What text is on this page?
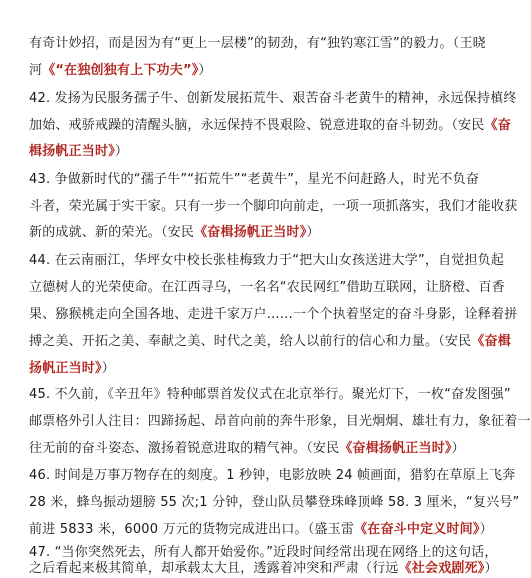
有奇计妙招，而是因为有“更上一层楼”的韧劲，有“独钓寒江雪”的毅力。（王晓
河《“在独创独有上下功夫”》）
42. 发扬为民服务孺子牛、创新发展拓荒牛、艰苦奋斗老黄牛的精神，永远保持槙终
加始、戒骄戒躁的清醒头脑，永远保持不畏艰险、锐意进取的奋斗韧劲。（安民《奋
楫扬帆正当时》）
43. 争做新时代的“孺子牛”“拓荒牛”“老黄牛”，星光不问赶路人，时光不负奋
斗者，荣光属于实干家。只有一步一个脚印向前走，一项一项抓落实，我们才能收获
新的成就、新的荣光。（安民《奋楫扬帆正当时》）
44. 在云南丽江，华坪女中校长张桂梅致力于“把大山女孩送进大学”，自觉担负起
立德树人的光荣使命。在江西寻乌，一名名“农民网红”借助互联网，让脐橙、百香
果、猕猴桃走向全国各地、走进千家万户……一个个执着坚定的奋斗身影，诠释着拼
搏之美、开拓之美、奉献之美、时代之美，给人以前行的信心和力量。（安民《奋楫
扬帆正当时》）
45. 不久前，《辛丑年》特种邮票首发仪式在北京举行。聚光灯下，一枚“奋发图强”
邮票格外引人注目：四蹄扬起、昂首向前的奔牛形象，目光炯炯、雄壮有力，象征着一
往无前的奋斗姿态、激扬着锐意进取的精气神。（安民《奋楫扬帆正当时》）
46. 时间是万事万物存在的刻度。1 秒钟，电影放映 24 帧画面，猎豹在草原上飞奔
28 米，蜂鸟振动翅膀 55 次;1 分钟，登山队员攀登珠峰顶峰 58. 3 厘米，“复兴号”
前进 5833 米，6000 万元的货物完成进出口。（盛玉雷《在奋斗中定义时间》）
47. “当你突然死去，所有人都开始爱你。”近段时间经常出现在网络上的这句话，
之后看起来极其简单，却承载太大且，透露着冲突和严肃（行远《社会戏剧死》）
